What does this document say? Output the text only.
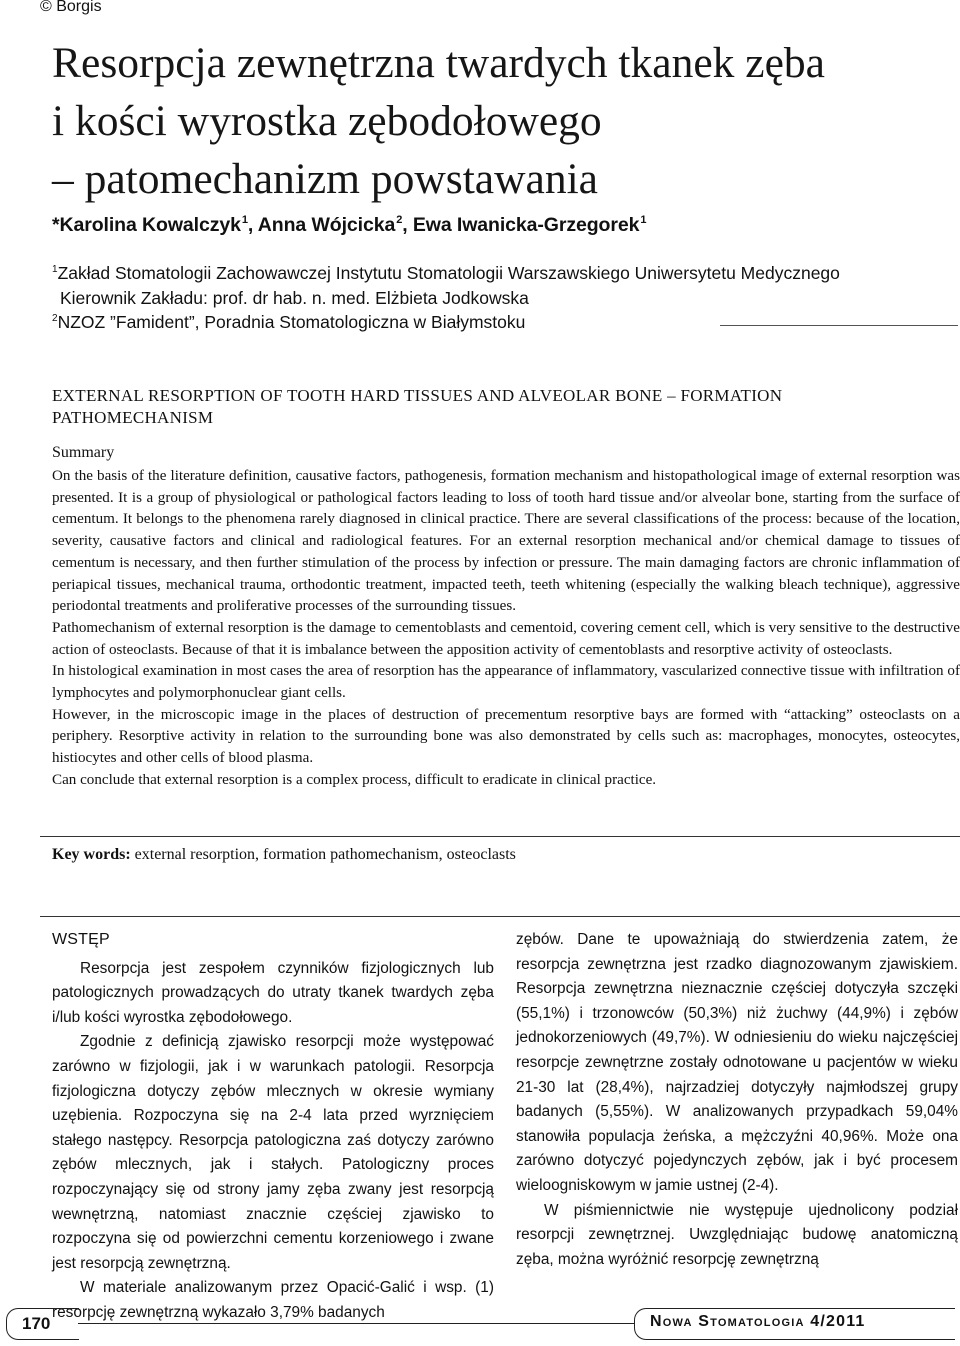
© Borgis
Resorpcja zewnętrzna twardych tkanek zęba
i kości wyrostka zębodołowego
– patomechanizm powstawania
*Karolina Kowalczyk$^1$, Anna Wójcicka$^2$, Ewa Iwanicka-Grzegorek$^1$
$^1$Zakład Stomatologii Zachowawczej Instytutu Stomatologii Warszawskiego Uniwersytetu Medycznego
Kierownik Zakładu: prof. dr hab. n. med. Elżbieta Jodkowska
$^2$NZOZ ”Famident”, Poradnia Stomatologiczna w Białymstoku
EXTERNAL RESORPTION OF TOOTH HARD TISSUES AND ALVEOLAR BONE – FORMATION PATHOMECHANISM
Summary

On the basis of the literature definition, causative factors, pathogenesis, formation mechanism and histopathological image of external resorption was presented. It is a group of physiological or pathological factors leading to loss of tooth hard tissue and/or alveolar bone, starting from the surface of cementum. It belongs to the phenomena rarely diagnosed in clinical practice. There are several classifications of the process: because of the location, severity, causative factors and clinical and radiological features. For an external resorption mechanical and/or chemical damage to tissues of cementum is necessary, and then further stimulation of the process by infection or pressure. The main damaging factors are chronic inflammation of periapical tissues, mechanical trauma, orthodontic treatment, impacted teeth, teeth whitening (especially the walking bleach technique), aggressive periodontal treatments and proliferative processes of the surrounding tissues.

Pathomechanism of external resorption is the damage to cementoblasts and cementoid, covering cement cell, which is very sensitive to the destructive action of osteoclasts. Because of that it is imbalance between the apposition activity of cementoblasts and resorptive activity of osteoclasts.

In histological examination in most cases the area of resorption has the appearance of inflammatory, vascularized connective tissue with infiltration of lymphocytes and polymorphonuclear giant cells.

However, in the microscopic image in the places of destruction of precementum resorptive bays are formed with “attacking” osteoclasts on a periphery. Resorptive activity in relation to the surrounding bone was also demonstrated by cells such as: macrophages, monocytes, osteocytes, histiocytes and other cells of blood plasma.

Can conclude that external resorption is a complex process, difficult to eradicate in clinical practice.

Key words: external resorption, formation pathomechanism, osteoclasts
WSTĘP

Resorpcja jest zespołem czynników fizjologicznych lub patologicznych prowadzących do utraty tkanek twardych zęba i/lub kości wyrostka zębodołowego.

Zgodnie z definicją zjawisko resorpcji może występować zarówno w fizjologii, jak i w warunkach patologii. Resorpcja fizjologiczna dotyczy zębów mlecznych w okresie wymiany uzębienia. Rozpoczyna się na 2-4 lata przed wyrznięciem stałego następcy. Resorpcja patologiczna zaś dotyczy zarówno zębów mlecznych, jak i stałych. Patologiczny proces rozpoczynający się od strony jamy zęba zwany jest resorpcją wewnętrzną, natomiast znacznie częściej zjawisko to rozpoczyna się od powierzchni cementu korzeniowego i zwane jest resorpcją zewnętrzną.

W materiale analizowanym przez Opacić-Galić i wsp. (1) resorpcję zewnętrzną wykazało 3,79% badanych

zębów. Dane te upoważniają do stwierdzenia zatem, że resorpcja zewnętrzna jest rzadko diagnozowanym zjawiskiem. Resorpcja zewnętrzna nieznacznie częściej dotyczyła szczęki (55,1%) i trzonowców (50,3%) niż żuchwy (44,9%) i zębów jednokorzeniowych (49,7%). W odniesieniu do wieku najczęściej resorpcje zewnętrzne zostały odnotowane u pacjentów w wieku 21-30 lat (28,4%), najrzadziej dotyczyły najmłodszej grupy badanych (5,55%). W analizowanych przypadkach 59,04% stanowiła populacja żeńska, a mężczyźni 40,96%. Może ona zarówno dotyczyć pojedynczych zębów, jak i być procesem wieloogniskowym w jamie ustnej (2-4).

W piśmiennictwie nie występuje ujednolicony podział resorpcji zewnętrznej. Uwzględniając budowę anatomiczną zęba, można wyróżnić resorpcję zewnętrzną

170	Nowa Stomatologia 4/2011
